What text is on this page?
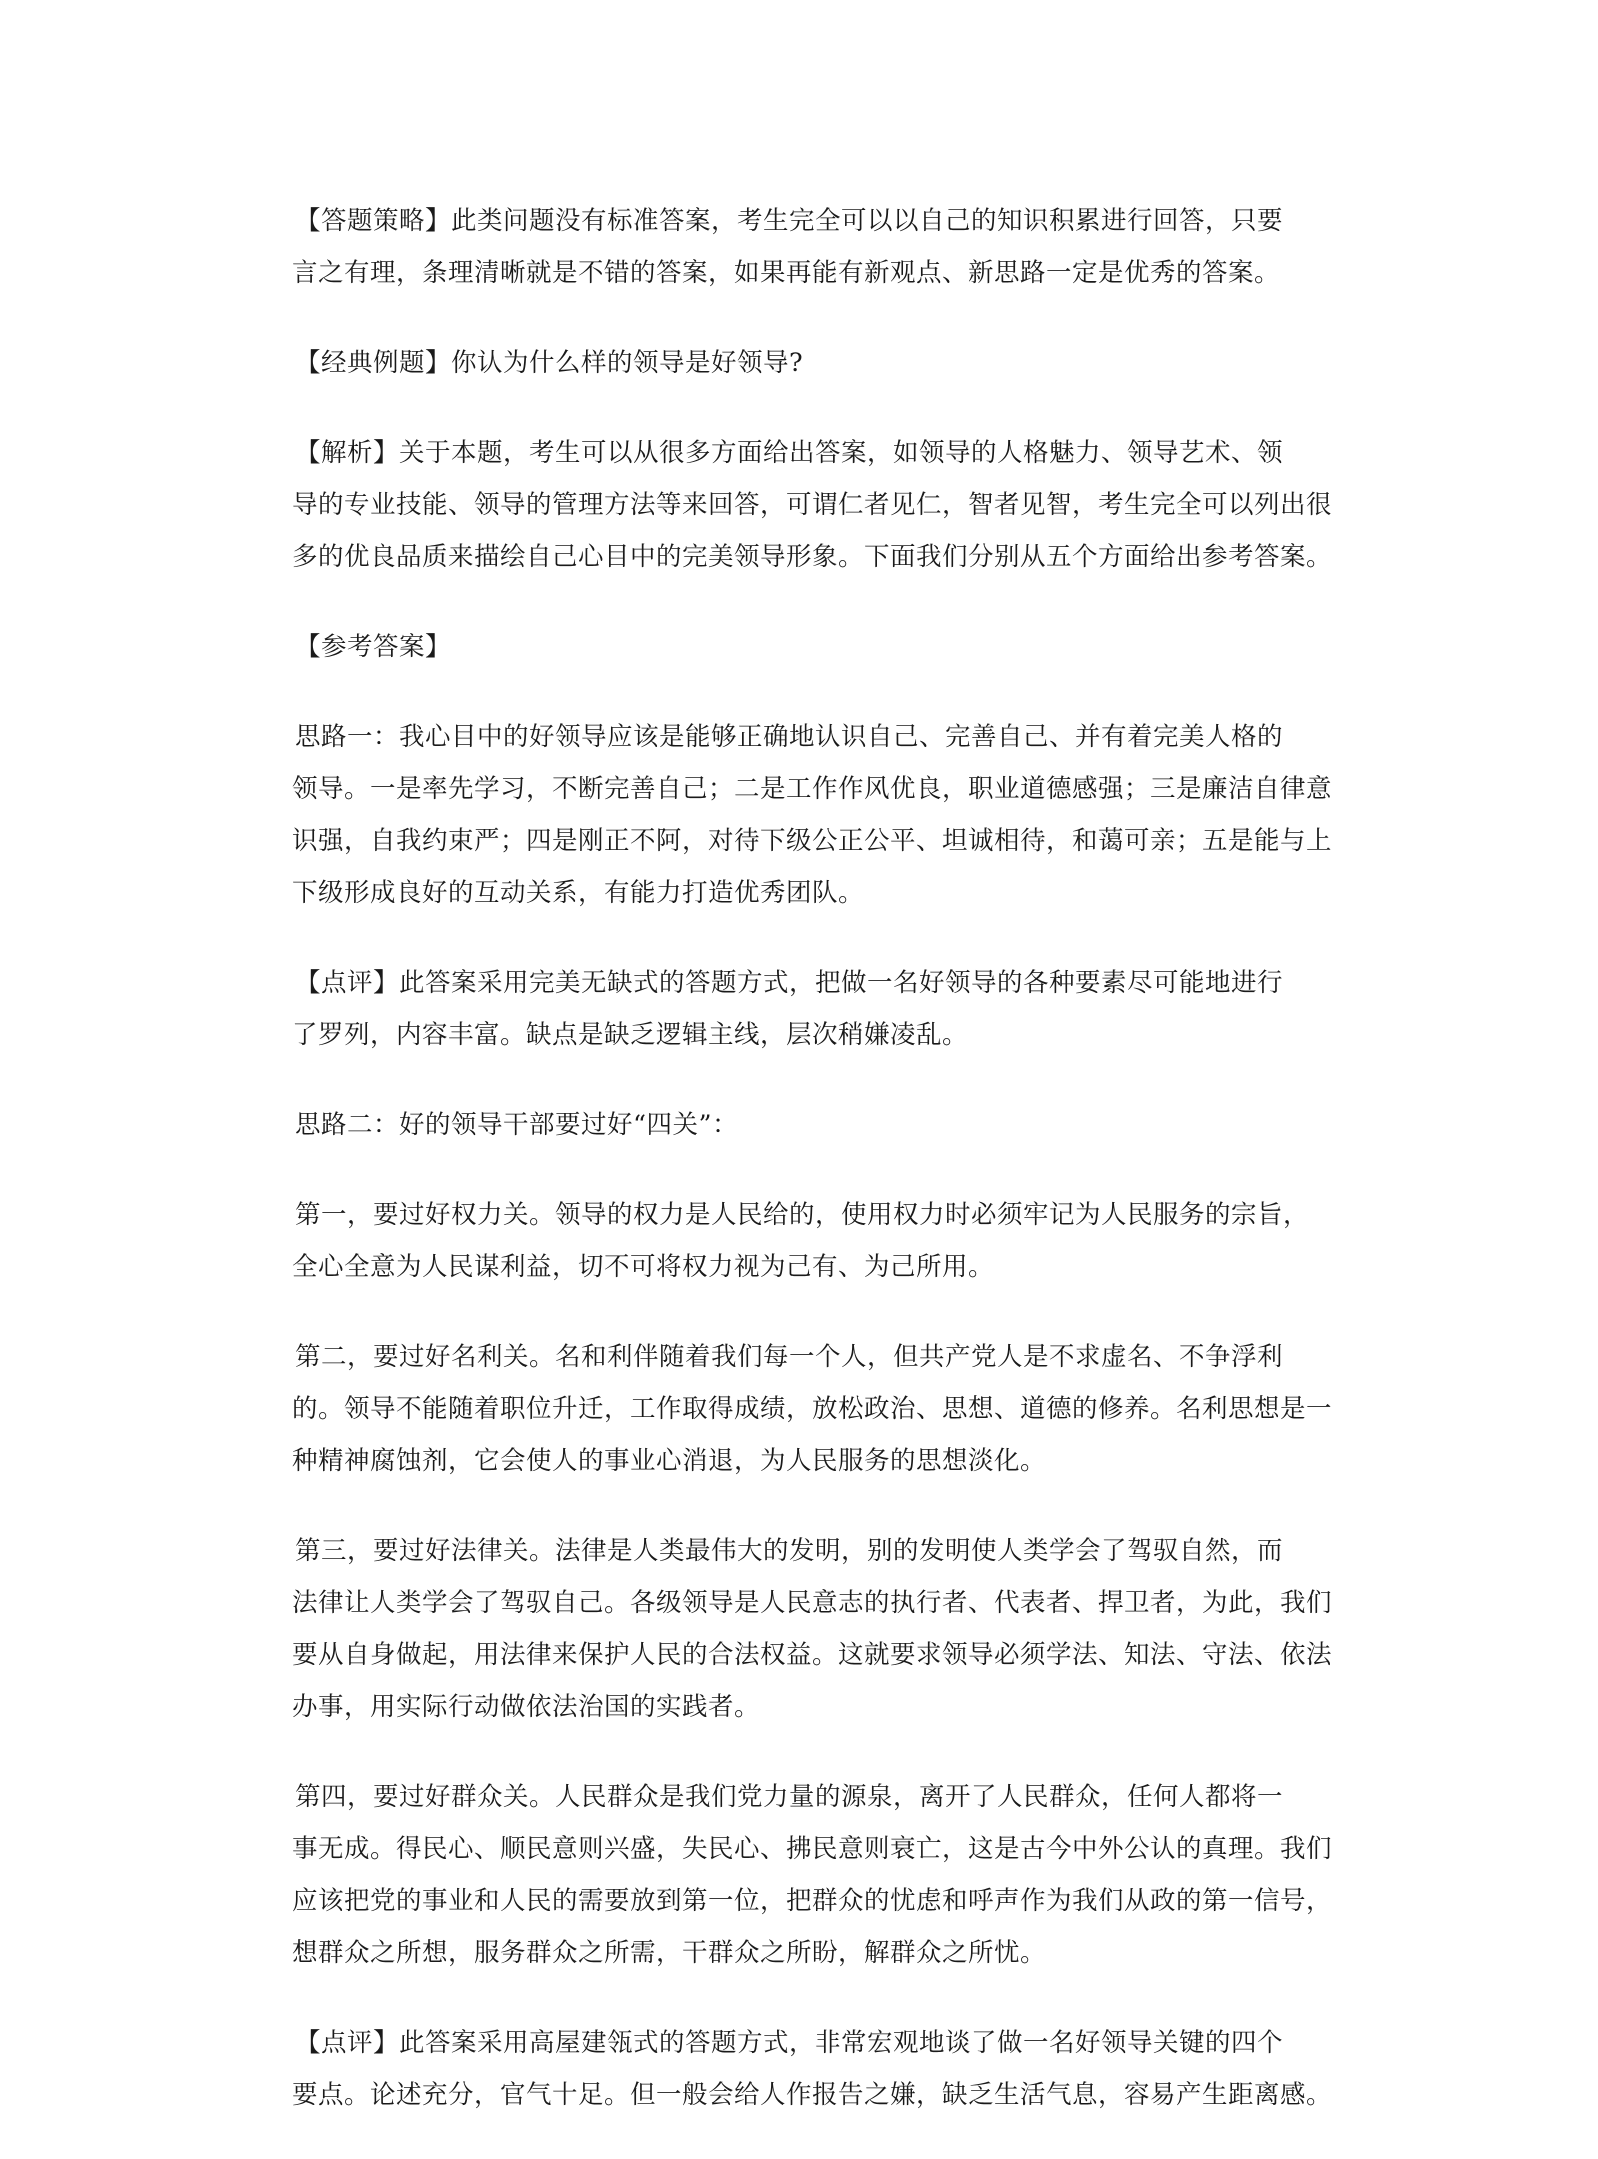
【答题策略】此类问题没有标准答案，考生完全可以以自己的知识积累进行回答，只要
言之有理，条理清晰就是不错的答案，如果再能有新观点、新思路一定是优秀的答案。
【经典例题】你认为什么样的领导是好领导?
【解析】关于本题，考生可以从很多方面给出答案，如领导的人格魅力、领导艺术、领
导的专业技能、领导的管理方法等来回答，可谓仁者见仁，智者见智，考生完全可以列出很
多的优良品质来描绘自己心目中的完美领导形象。下面我们分别从五个方面给出参考答案。
【参考答案】
思路一：我心目中的好领导应该是能够正确地认识自己、完善自己、并有着完美人格的
领导。一是率先学习，不断完善自己；二是工作作风优良，职业道德感强；三是廉洁自律意
识强，自我约束严；四是刚正不阿，对待下级公正公平、坦诚相待，和蔼可亲；五是能与上
下级形成良好的互动关系，有能力打造优秀团队。
【点评】此答案采用完美无缺式的答题方式，把做一名好领导的各种要素尽可能地进行
了罗列，内容丰富。缺点是缺乏逻辑主线，层次稍嫌凌乱。
思路二：好的领导干部要过好“四关”：
第一，要过好权力关。领导的权力是人民给的，使用权力时必须牢记为人民服务的宗旨，
全心全意为人民谋利益，切不可将权力视为己有、为己所用。
第二，要过好名利关。名和利伴随着我们每一个人，但共产党人是不求虚名、不争浮利
的。领导不能随着职位升迁，工作取得成绩，放松政治、思想、道德的修养。名利思想是一
种精神腐蚀剂，它会使人的事业心消退，为人民服务的思想淡化。
第三，要过好法律关。法律是人类最伟大的发明，别的发明使人类学会了驾驭自然，而
法律让人类学会了驾驭自己。各级领导是人民意志的执行者、代表者、捍卫者，为此，我们
要从自身做起，用法律来保护人民的合法权益。这就要求领导必须学法、知法、守法、依法
办事，用实际行动做依法治国的实践者。
第四，要过好群众关。人民群众是我们党力量的源泉，离开了人民群众，任何人都将一
事无成。得民心、顺民意则兴盛，失民心、拂民意则衰亡，这是古今中外公认的真理。我们
应该把党的事业和人民的需要放到第一位，把群众的忧虑和呼声作为我们从政的第一信号，
想群众之所想，服务群众之所需，干群众之所盼，解群众之所忧。
【点评】此答案采用高屋建瓴式的答题方式，非常宏观地谈了做一名好领导关键的四个
要点。论述充分，官气十足。但一般会给人作报告之嫌，缺乏生活气息，容易产生距离感。
